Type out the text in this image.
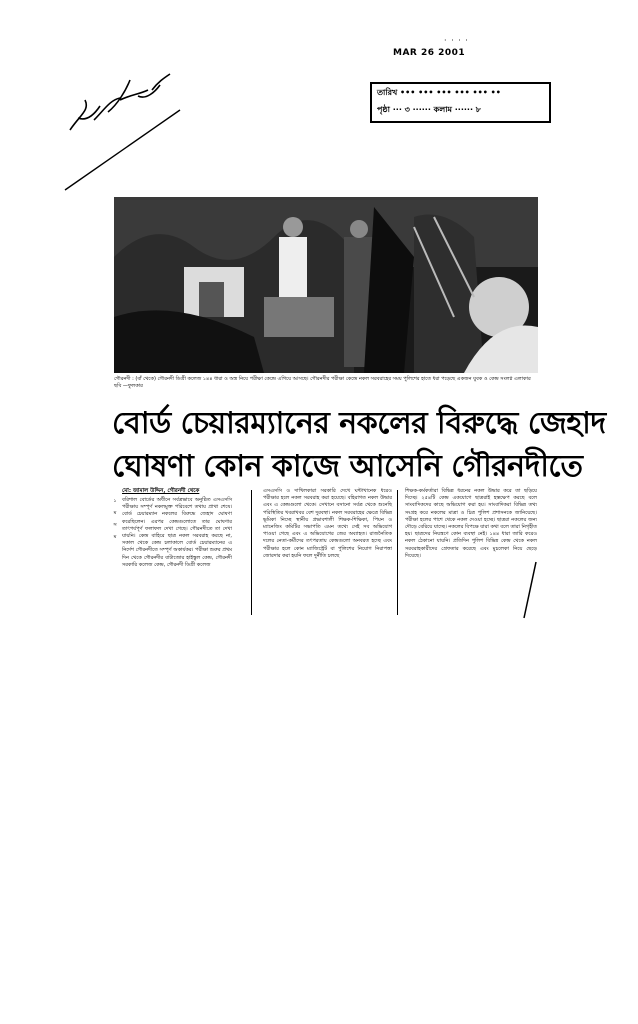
৮|১১৫|৬০
· · · ·
MAR 26 2001
তারিখ ••• ••• ••• ••• ••• ••
পৃষ্ঠা ··· ৩ ······ কলাম ······ ৮
গৌরনদী : (বাঁ থেকে) গৌরনদী ডিগ্রী কলেজ ১৪৪ ধারা ও অস্ত্র নিয়ে পরীক্ষা কেন্দ্রে এগিয়ে আসছে। গৌরনদীর পরীক্ষা কেন্দ্রে নকল সরবরাহের সময় পুলিশের হাতে ধরা পড়েছে একজন যুবক ও কেন্দ্র সংলগ্ন এলাকার ছবি —ফুলকার
বোর্ড চেয়ারম্যানের নকলের বিরুদ্ধে জেহাদ
ঘোষণা কোন কাজে আসেনি গৌরনদীতে
১
ম
স
ম
মো: জামাল উদ্দিন, গৌরনদী থেকে
বরিশাল বোর্ডের অধীনে সর্বত্রভাবে অনুষ্ঠিত এসএসসি পরীক্ষায় সম্পূর্ণ নকলমুক্ত পরিবেশে তথায় প্রাথা শেষে। বোর্ড চেয়ারম্যান নকলের বিরুদ্ধে জেহাদ ঘোষণা করেছিলেন। এরপর কেন্দ্রগুলোতে তার ঘোষণার তাৎপর্যপূর্ণ ফলাফল দেখা গেছে। গৌরনদীতে তা দেখা যায়নি। কেন্দ্র বাহিরে ছাত্র নকল সরবরাহ করছে না, সকাল থেকে কেন্দ্র চলাকালে বোর্ড চেয়ারম্যানের এ নির্দেশ গৌরনদীতে সম্পূর্ণ অকার্যকর। পরীক্ষা শুরুর প্রথম দিন থেকে গৌরনদীর বাটাজোর হাইস্কুল কেন্দ্র, গৌরনদী সরকারি কলেজ কেন্দ্র, গৌরনদী ডিগ্রী কলেজ
এসএসসি ও দাখিলকারা সরকারি দেখে ঘন্টাখানেক ধরেও পরীক্ষার হলে নকল সরবরাহ করা হয়েছে। বহিরাগত নকল উদ্ধার এবং এ কেন্দ্রগুলো থেকে। সেখানে বসানো সর্বত্র থেকে শুনেছি পরিস্থিতির খবরাখবর বেশ দুরবস্থা। নকল সরবরাহের ক্ষেত্রে বিভিন্ন ভূমিকা নিচ্ছে স্থানীয় প্রভাবশালী শিক্ষক-শিক্ষিকা, পিয়ন ও ম্যানেজিং কমিটির সভাপতি এমন তথ্যে সেই সব অভিযোগ পাওয়া গেছে এবং এ অভিযোগের জের অব্যাহত। রাজনৈতিক দলের নেতা-কর্মীদের তৎপরতায় কেন্দ্রগুলো অনবরত হচ্ছে এবং পরীক্ষার হলে কোন ম্যাজিস্ট্রেট বা পুলিশের নিয়োগ নিরাপত্তা জোরদার করা হয়নি ফলে দুর্নীতি চলছে
শিক্ষক-কর্মকর্তারা বিভিন্ন ধরনের নকল উদ্ধার করে তা ছড়িয়ে দিচ্ছে। ২৫৪টি কেন্দ্র একযোগে ছাত্ররাই হস্তক্ষেপ করছে বলে সাংবাদিকদের কাছে অভিযোগ করা হয়। সাংবাদিকরা বিভিন্ন তথ্য সংগ্রহ করে নকলের মাত্রা ও চিত্র পুলিশ প্রশাসনকে জানিয়েছে। পরীক্ষা হলের পাশে থেকে নকল দেওয়া হচ্ছে। ছাত্ররা নকলের জন্য দৌড়ে বেরিয়ে যাচ্ছে। নকলের বিপক্ষে যারা কথা বলে তারা নিগৃহীত হয়। ছাত্রদের নিয়ন্ত্রণে কোন ব্যবস্থা নেই। ১৪৪ ধারা জারি করেও নকল ঠেকানো যায়নি। প্রতিদিন পুলিশ বিভিন্ন কেন্দ্র থেকে নকল সরবরাহকারীদের গ্রেফতার করেছে এবং মুচলেকা নিয়ে ছেড়ে দিয়েছে।
